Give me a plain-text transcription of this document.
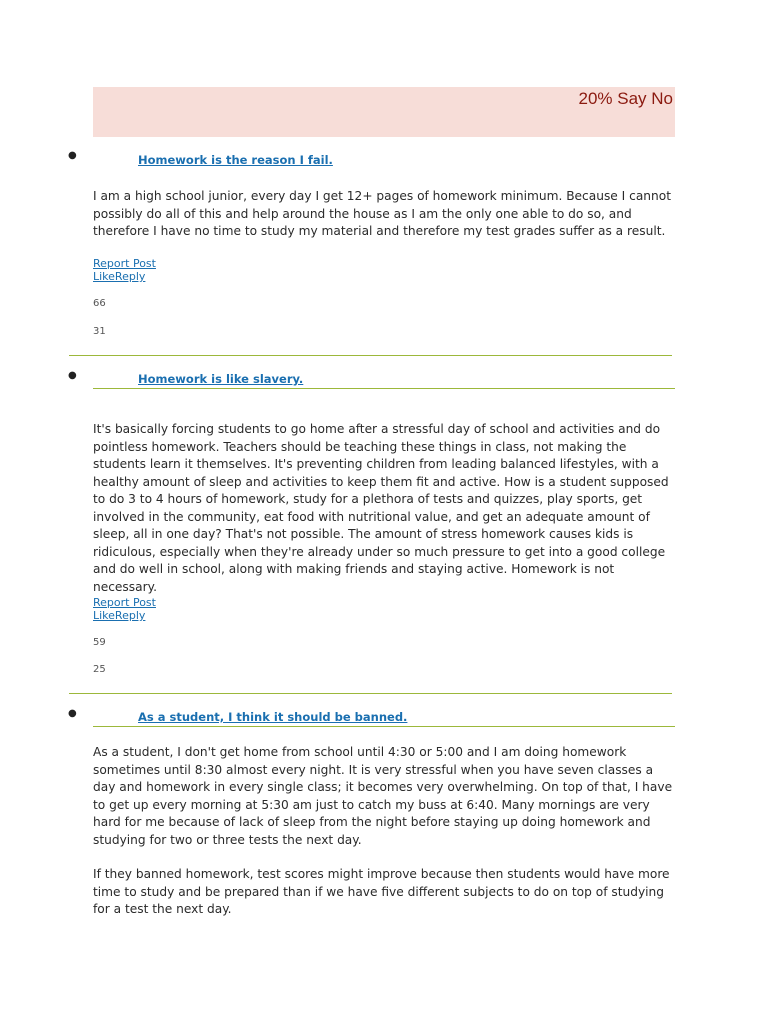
20% Say No
●	Homework is the reason I fail.

I am a high school junior, every day I get 12+ pages of homework minimum. Because I cannot possibly do all of this and help around the house as I am the only one able to do so, and therefore I have no time to study my material and therefore my test grades suffer as a result.

Report Post
LikeReply
66
31
●	Homework is like slavery.

It's basically forcing students to go home after a stressful day of school and activities and do pointless homework. Teachers should be teaching these things in class, not making the students learn it themselves. It's preventing children from leading balanced lifestyles, with a healthy amount of sleep and activities to keep them fit and active. How is a student supposed to do 3 to 4 hours of homework, study for a plethora of tests and quizzes, play sports, get involved in the community, eat food with nutritional value, and get an adequate amount of sleep, all in one day? That's not possible. The amount of stress homework causes kids is ridiculous, especially when they're already under so much pressure to get into a good college and do well in school, along with making friends and staying active. Homework is not necessary.

Report Post
LikeReply
59
25
●	As a student, I think it should be banned.

As a student, I don't get home from school until 4:30 or 5:00 and I am doing homework sometimes until 8:30 almost every night. It is very stressful when you have seven classes a day and homework in every single class; it becomes very overwhelming. On top of that, I have to get up every morning at 5:30 am just to catch my buss at 6:40. Many mornings are very hard for me because of lack of sleep from the night before staying up doing homework and studying for two or three tests the next day.

If they banned homework, test scores might improve because then students would have more time to study and be prepared than if we have five different subjects to do on top of studying for a test the next day.
